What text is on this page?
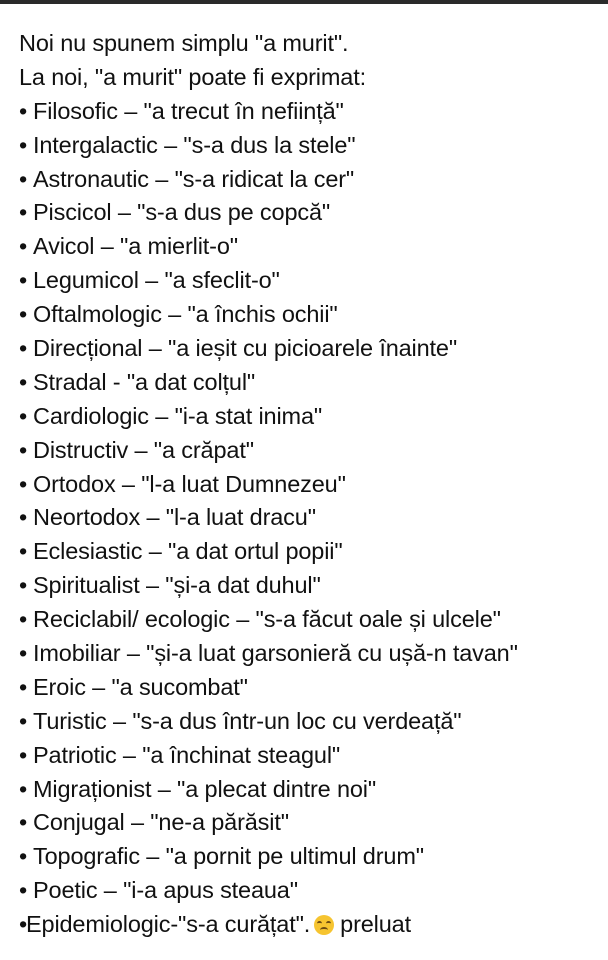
Noi nu spunem simplu "a murit".
La noi, "a murit" poate fi exprimat:
• Filosofic – "a trecut în neființă"
• Intergalactic – "s-a dus la stele"
• Astronautic – "s-a ridicat la cer"
• Piscicol – "s-a dus pe copcă"
• Avicol – "a mierlit-o"
• Legumicol – "a sfeclit-o"
• Oftalmologic – "a închis ochii"
• Direcțional – "a ieșit cu picioarele înainte"
• Stradal - "a dat colțul"
• Cardiologic – "i-a stat inima"
• Distructiv – "a crăpat"
• Ortodox – "l-a luat Dumnezeu"
• Neortodox – "l-a luat dracu"
• Eclesiastic – "a dat ortul popii"
• Spiritualist – "și-a dat duhul"
• Reciclabil/ ecologic – "s-a făcut oale și ulcele"
• Imobiliar – "și-a luat garsonieră cu ușă-n tavan"
• Eroic – "a sucombat"
• Turistic – "s-a dus într-un loc cu verdeață"
• Patriotic – "a închinat steagul"
• Migraționist – "a plecat dintre noi"
• Conjugal – "ne-a părăsit"
• Topografic – "a pornit pe ultimul drum"
• Poetic – "i-a apus steaua"
•Epidemiologic-"s-a curățat". preluat
